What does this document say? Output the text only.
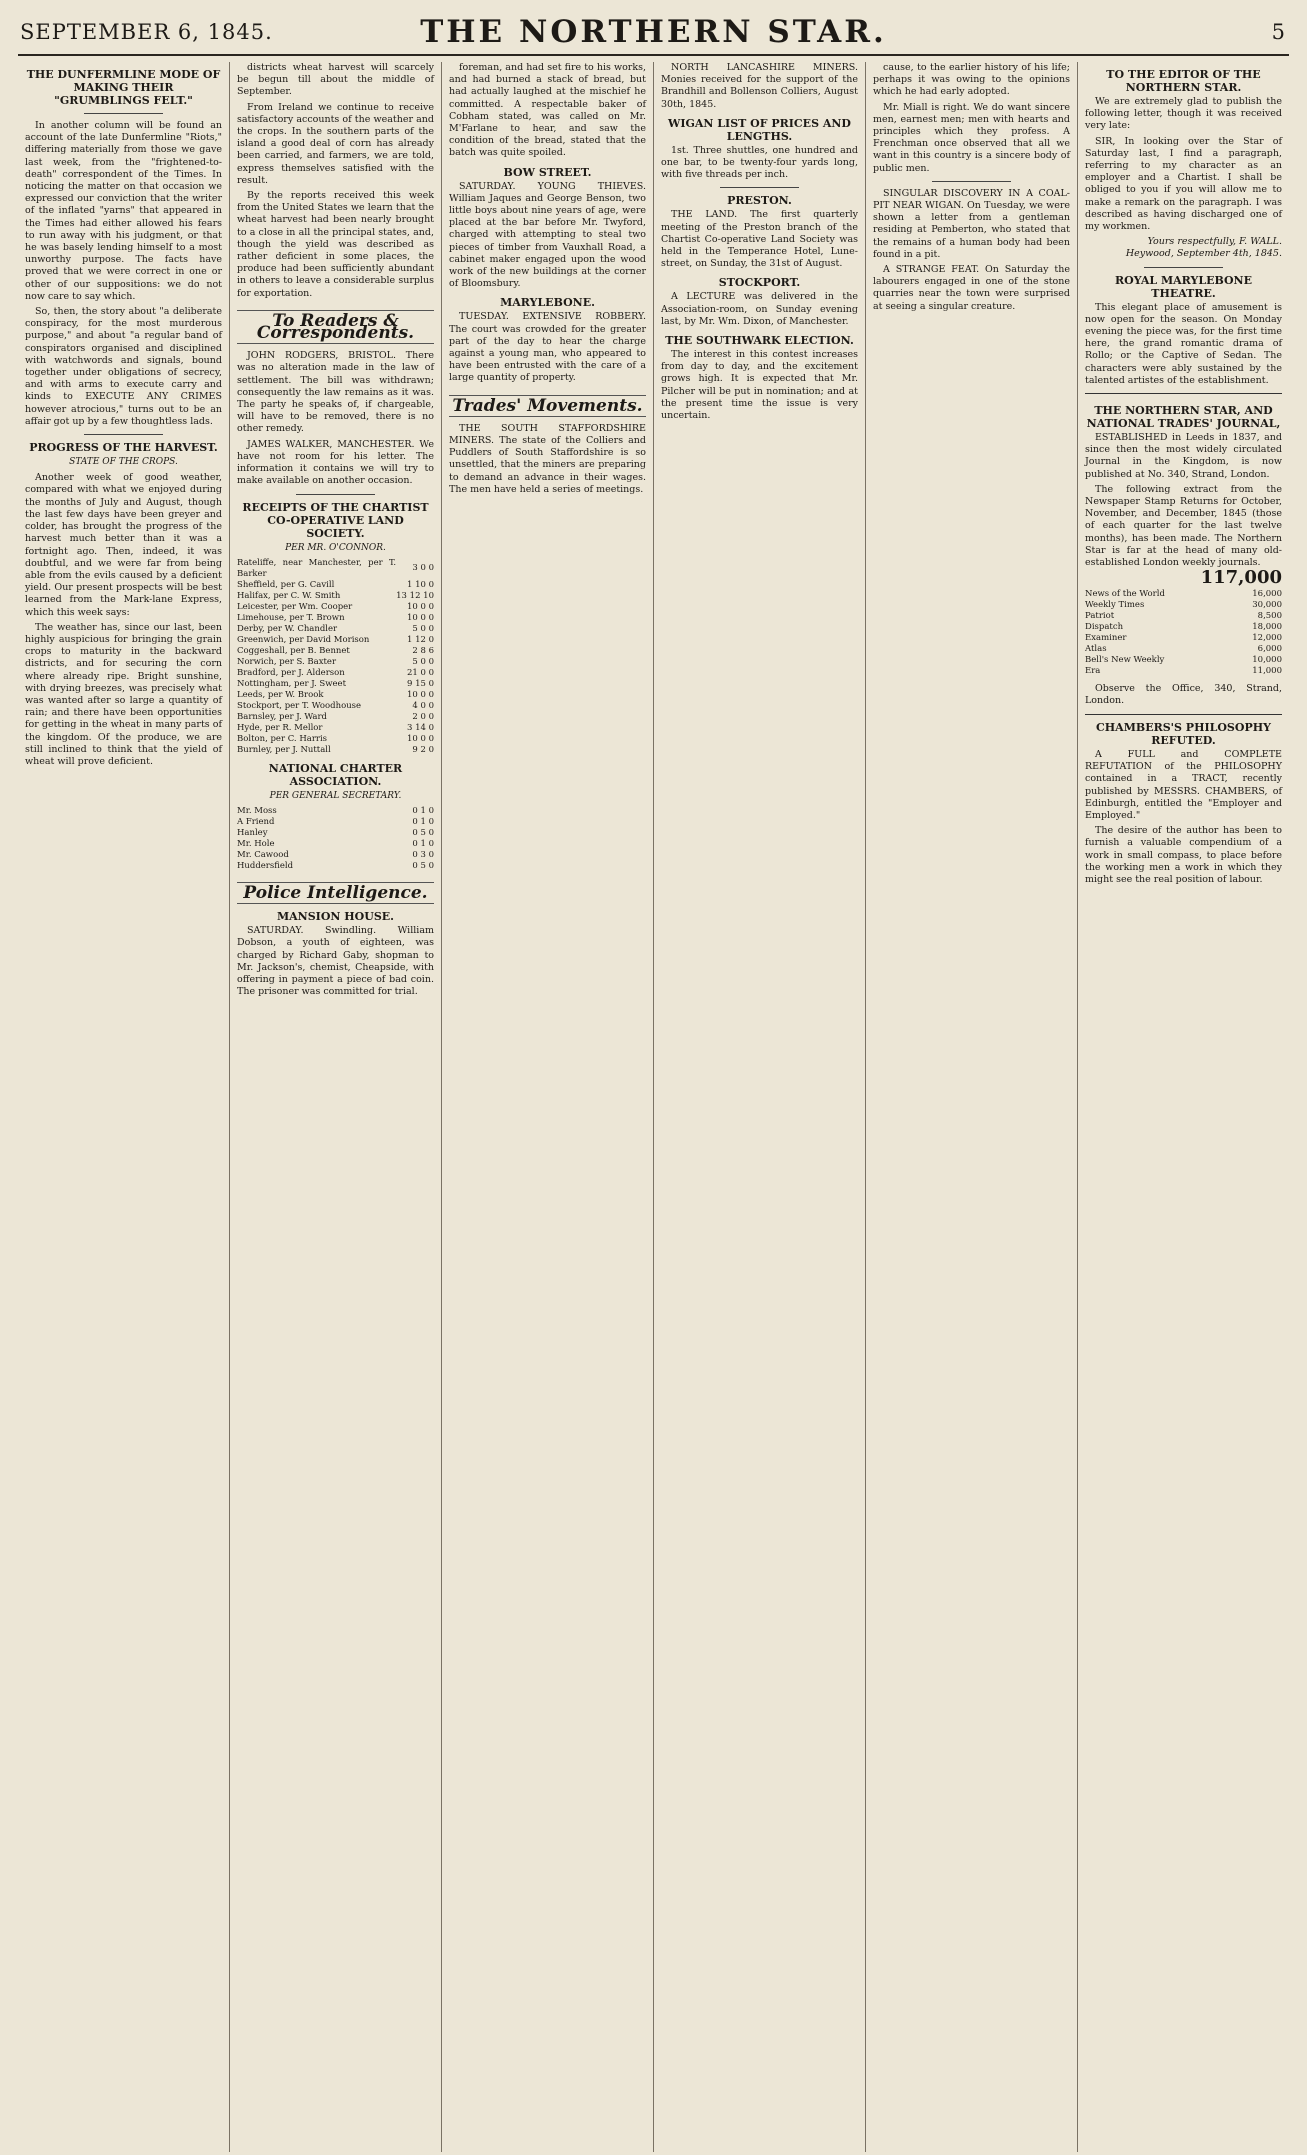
SEPTEMBER 6, 1845.	THE NORTHERN STAR.	5
THE DUNFERMLINE MODE OF MAKING THEIR "GRUMBLINGS FELT."

In another column will be found an account of the late Dunfermline "Riots," differing materially from those we gave last week, from the "frightened-to-death" correspondent of the Times. In noticing the matter on that occasion we expressed our conviction that the writer of the inflated "yarns" that appeared in the Times had either allowed his fears to run away with his judgment, or that he was basely lending himself to a most unworthy purpose. The facts have proved that we were correct in one or other of our suppositions: we do not now care to say which.

So, then, the story about "a deliberate conspiracy, for the most murderous purpose," and about "a regular band of conspirators organised and disciplined with watchwords and signals, bound together under obligations of secrecy, and with arms to execute carry and kinds to EXECUTE ANY CRIMES however atrocious," turns out to be an affair got up by a few thoughtless lads.

PROGRESS OF THE HARVEST.
STATE OF THE CROPS.

Another week of good weather, compared with what we enjoyed during the months of July and August, though the last few days have been greyer and colder, has brought the progress of the harvest much better than it was a fortnight ago. Then, indeed, it was doubtful, and we were far from being able from the evils caused by a deficient yield. Our present prospects will be best learned from the Mark-lane Express, which this week says:

The weather has, since our last, been highly auspicious for bringing the grain crops to maturity in the backward districts, and for securing the corn where already ripe. Bright sunshine, with drying breezes, was precisely what was wanted after so large a quantity of rain; and there have been opportunities for getting in the wheat in many parts of the kingdom. Of the produce, we are still inclined to think that the yield of wheat will prove deficient.

districts wheat harvest will scarcely be begun till about the middle of September.

From Ireland we continue to receive satisfactory accounts of the weather and the crops. In the southern parts of the island a good deal of corn has already been carried, and farmers, we are told, express themselves satisfied with the result.

By the reports received this week from the United States we learn that the wheat harvest had been nearly brought to a close in all the principal states, and, though the yield was described as rather deficient in some places, the produce had been sufficiently abundant in others to leave a considerable surplus for exportation.

To Readers & Correspondents.

JOHN RODGERS, BRISTOL. There was no alteration made in the law of settlement. The bill was withdrawn; consequently the law remains as it was. The party he speaks of, if chargeable, will have to be removed, there is no other remedy.

JAMES WALKER, MANCHESTER. We have not room for his letter. The information it contains we will try to make available on another occasion.

RECEIPTS OF THE CHARTIST CO-OPERATIVE LAND SOCIETY.
PER MR. O'CONNOR.
Rateliffe, near Manchester, per T. Barker	3 0 0
Sheffield, per G. Cavill	1 10 0
Halifax, per C. W. Smith	13 12 10
Leicester, per Wm. Cooper	10 0 0
Limehouse, per T. Brown	10 0 0
Derby, per W. Chandler	5 0 0
Greenwich, per David Morison	1 12 0
Coggeshall, per B. Bennet	2 8 6
Norwich, per S. Baxter	5 0 0
Bradford, per J. Alderson	21 0 0
Nottingham, per J. Sweet	9 15 0
Leeds, per W. Brook	10 0 0
Stockport, per T. Woodhouse	4 0 0
Barnsley, per J. Ward	2 0 0
Hyde, per R. Mellor	3 14 0
Bolton, per C. Harris	10 0 0
Burnley, per J. Nuttall	9 2 0
NATIONAL CHARTER ASSOCIATION.
PER GENERAL SECRETARY.
Mr. Moss	0 1 0
A Friend	0 1 0
Hanley	0 5 0
Mr. Hole	0 1 0
Mr. Cawood	0 3 0
Huddersfield	0 5 0
Police Intelligence.
MANSION HOUSE.

SATURDAY. Swindling. William Dobson, a youth of eighteen, was charged by Richard Gaby, shopman to Mr. Jackson's, chemist, Cheapside, with offering in payment a piece of bad coin. The prisoner was committed for trial.

foreman, and had set fire to his works, and had burned a stack of bread, but had actually laughed at the mischief he committed. A respectable baker of Cobham stated, was called on Mr. M'Farlane to hear, and saw the condition of the bread, stated that the batch was quite spoiled.

BOW STREET.

SATURDAY. YOUNG THIEVES. William Jaques and George Benson, two little boys about nine years of age, were placed at the bar before Mr. Twyford, charged with attempting to steal two pieces of timber from Vauxhall Road, a cabinet maker engaged upon the wood work of the new buildings at the corner of Bloomsbury.

MARYLEBONE.

TUESDAY. EXTENSIVE ROBBERY. The court was crowded for the greater part of the day to hear the charge against a young man, who appeared to have been entrusted with the care of a large quantity of property.

Trades' Movements.

THE SOUTH STAFFORDSHIRE MINERS. The state of the Colliers and Puddlers of South Staffordshire is so unsettled, that the miners are preparing to demand an advance in their wages. The men have held a series of meetings.

NORTH LANCASHIRE MINERS. Monies received for the support of the Brandhill and Bollenson Colliers, August 30th, 1845.

WIGAN LIST OF PRICES AND LENGTHS.

1st. Three shuttles, one hundred and one bar, to be twenty-four yards long, with five threads per inch.

PRESTON.

THE LAND. The first quarterly meeting of the Preston branch of the Chartist Co-operative Land Society was held in the Temperance Hotel, Lune-street, on Sunday, the 31st of August.

STOCKPORT.

A LECTURE was delivered in the Association-room, on Sunday evening last, by Mr. Wm. Dixon, of Manchester.

THE SOUTHWARK ELECTION.

The interest in this contest increases from day to day, and the excitement grows high. It is expected that Mr. Pilcher will be put in nomination; and at the present time the issue is very uncertain.

cause, to the earlier history of his life; perhaps it was owing to the opinions which he had early adopted.

Mr. Miall is right. We do want sincere men, earnest men; men with hearts and principles which they profess. A Frenchman once observed that all we want in this country is a sincere body of public men.

SINGULAR DISCOVERY IN A COAL-PIT NEAR WIGAN. On Tuesday, we were shown a letter from a gentleman residing at Pemberton, who stated that the remains of a human body had been found in a pit.

A STRANGE FEAT. On Saturday the labourers engaged in one of the stone quarries near the town were surprised at seeing a singular creature.

TO THE EDITOR OF THE NORTHERN STAR.

We are extremely glad to publish the following letter, though it was received very late:

SIR, In looking over the Star of Saturday last, I find a paragraph, referring to my character as an employer and a Chartist. I shall be obliged to you if you will allow me to make a remark on the paragraph. I was described as having discharged one of my workmen.

Yours respectfully, F. WALL.
Heywood, September 4th, 1845.
ROYAL MARYLEBONE THEATRE.

This elegant place of amusement is now open for the season. On Monday evening the piece was, for the first time here, the grand romantic drama of Rollo; or the Captive of Sedan. The characters were ably sustained by the talented artistes of the establishment.

THE NORTHERN STAR, AND NATIONAL TRADES' JOURNAL,

ESTABLISHED in Leeds in 1837, and since then the most widely circulated Journal in the Kingdom, is now published at No. 340, Strand, London.

The following extract from the Newspaper Stamp Returns for October, November, and December, 1845 (those of each quarter for the last twelve months), has been made. The Northern Star is far at the head of many old-established London weekly journals.

117,000
News of the World	16,000
Weekly Times	30,000
Patriot	8,500
Dispatch	18,000
Examiner	12,000
Atlas	6,000
Bell's New Weekly	10,000
Era	11,000

Observe the Office, 340, Strand, London.

CHAMBERS'S PHILOSOPHY REFUTED.

A FULL and COMPLETE REFUTATION of the PHILOSOPHY contained in a TRACT, recently published by MESSRS. CHAMBERS, of Edinburgh, entitled the "Employer and Employed."

The desire of the author has been to furnish a valuable compendium of a work in small compass, to place before the working men a work in which they might see the real position of labour.
